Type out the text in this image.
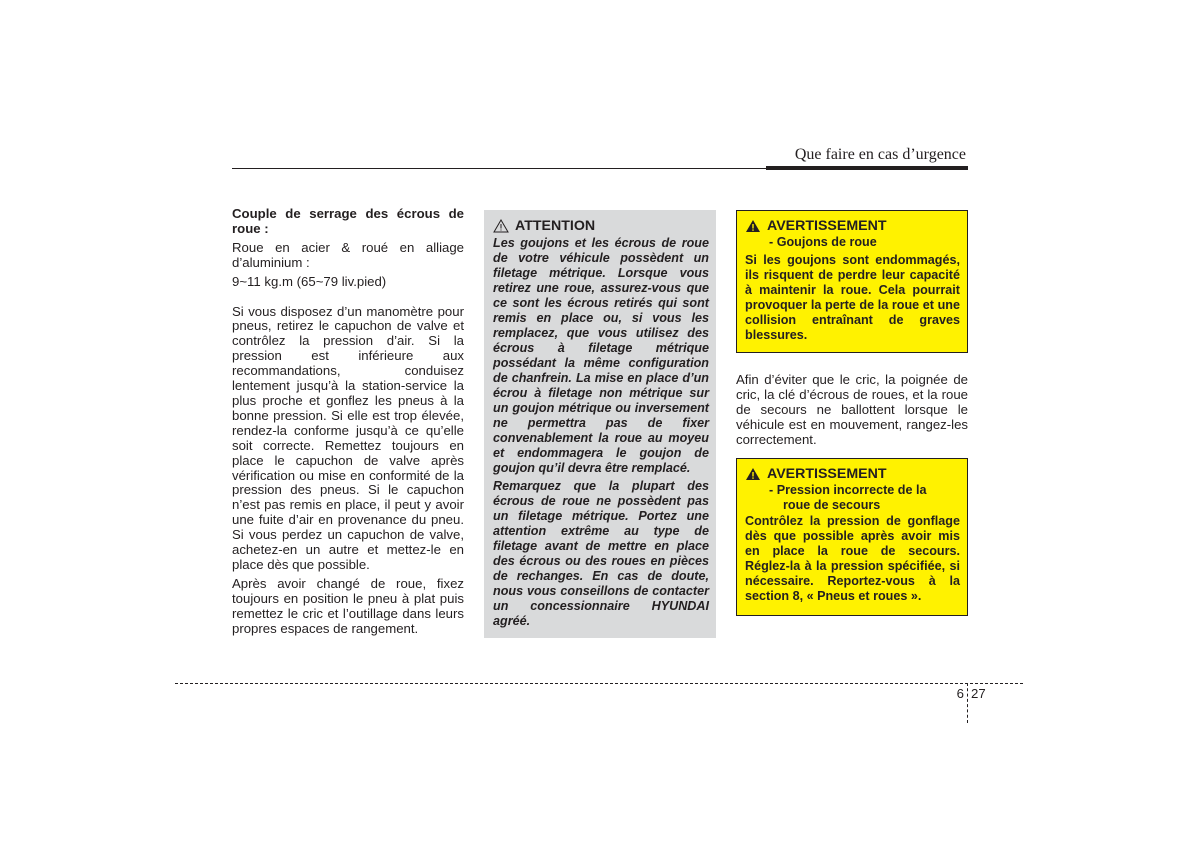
Que faire en cas d’urgence

Couple de serrage des écrous de roue :

Roue en acier & roué en alliage d’aluminium :

9~11 kg.m (65~79 liv.pied)

Si vous disposez d’un manomètre pour pneus, retirez le capuchon de valve et contrôlez la pression d’air. Si la pression est inférieure aux recommandations, conduisez lentement jusqu’à la station-service la plus proche et gonflez les pneus à la bonne pression. Si elle est trop élevée, rendez-la conforme jusqu’à ce qu’elle soit correcte. Remettez toujours en place le capuchon de valve après vérification ou mise en conformité de la pression des pneus. Si le capuchon n’est pas remis en place, il peut y avoir une fuite d’air en provenance du pneu. Si vous perdez un capuchon de valve, achetez-en un autre et mettez-le en place dès que possible.

Après avoir changé de roue, fixez toujours en position le pneu à plat puis remettez le cric et l’outillage dans leurs propres espaces de rangement.

ATTENTION

Les goujons et les écrous de roue de votre véhicule possèdent un filetage métrique. Lorsque vous retirez une roue, assurez-vous que ce sont les écrous retirés qui sont remis en place ou, si vous les remplacez, que vous utilisez des écrous à filetage métrique possédant la même configuration de chanfrein. La mise en place d’un écrou à filetage non métrique sur un goujon métrique ou inversement ne permettra pas de fixer convenablement la roue au moyeu et endommagera le goujon de goujon qu’il devra être remplacé.

Remarquez que la plupart des écrous de roue ne possèdent pas un filetage métrique. Portez une attention extrême au type de filetage avant de mettre en place des écrous ou des roues en pièces de rechanges. En cas de doute, nous vous conseillons de contacter un concessionnaire HYUNDAI agréé.

AVERTISSEMENT
- Goujons de roue

Si les goujons sont endommagés, ils risquent de perdre leur capacité à maintenir la roue. Cela pourrait provoquer la perte de la roue et une collision entraînant de graves blessures.

Afin d’éviter que le cric, la poignée de cric, la clé d’écrous de roues, et la roue de secours ne ballottent lorsque le véhicule est en mouvement, rangez-les correctement.

AVERTISSEMENT
- Pression incorrecte de la
roue de secours

Contrôlez la pression de gonflage dès que possible après avoir mis en place la roue de secours. Réglez-la à la pression spécifiée, si nécessaire. Reportez-vous à la section 8, « Pneus et roues ».

6 27
